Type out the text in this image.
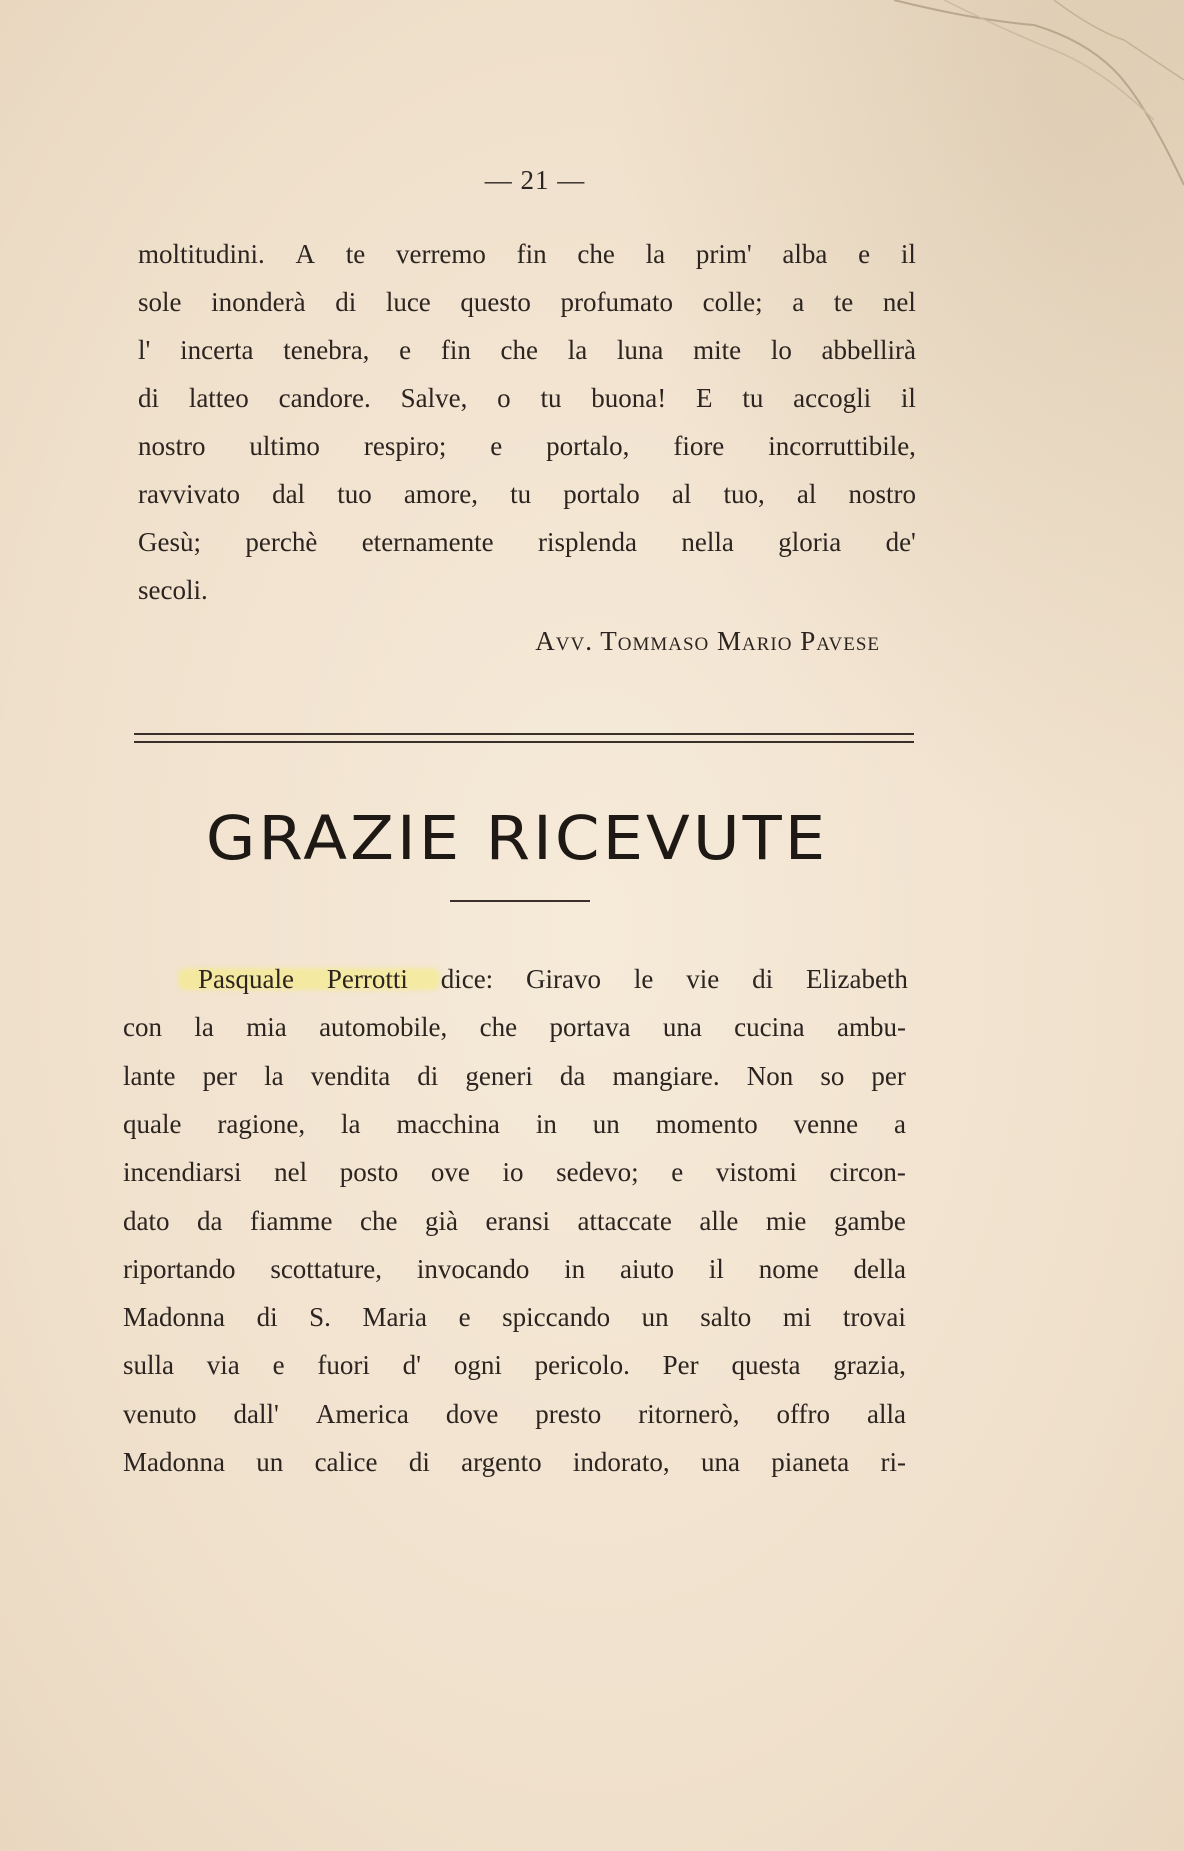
— 21 —
moltitudini. A te verremo fin che la prim' alba e il
sole inonderà di luce questo profumato colle; a te nel
l' incerta tenebra, e fin che la luna mite lo abbellirà
di latteo candore. Salve, o tu buona! E tu accogli il
nostro ultimo respiro; e portalo, fiore incorruttibile,
ravvivato dal tuo amore, tu portalo al tuo, al nostro
Gesù; perchè eternamente risplenda nella gloria de'
secoli.
Avv. Tommaso Mario Pavese
GRAZIE RICEVUTE
Pasquale Perrotti dice: Giravo le vie di Elizabeth
con la mia automobile, che portava una cucina ambu-
lante per la vendita di generi da mangiare. Non so per
quale ragione, la macchina in un momento venne a
incendiarsi nel posto ove io sedevo; e vistomi circon-
dato da fiamme che già eransi attaccate alle mie gambe
riportando scottature, invocando in aiuto il nome della
Madonna di S. Maria e spiccando un salto mi trovai
sulla via e fuori d' ogni pericolo. Per questa grazia,
venuto dall' America dove presto ritornerò, offro alla
Madonna un calice di argento indorato, una pianeta ri-
